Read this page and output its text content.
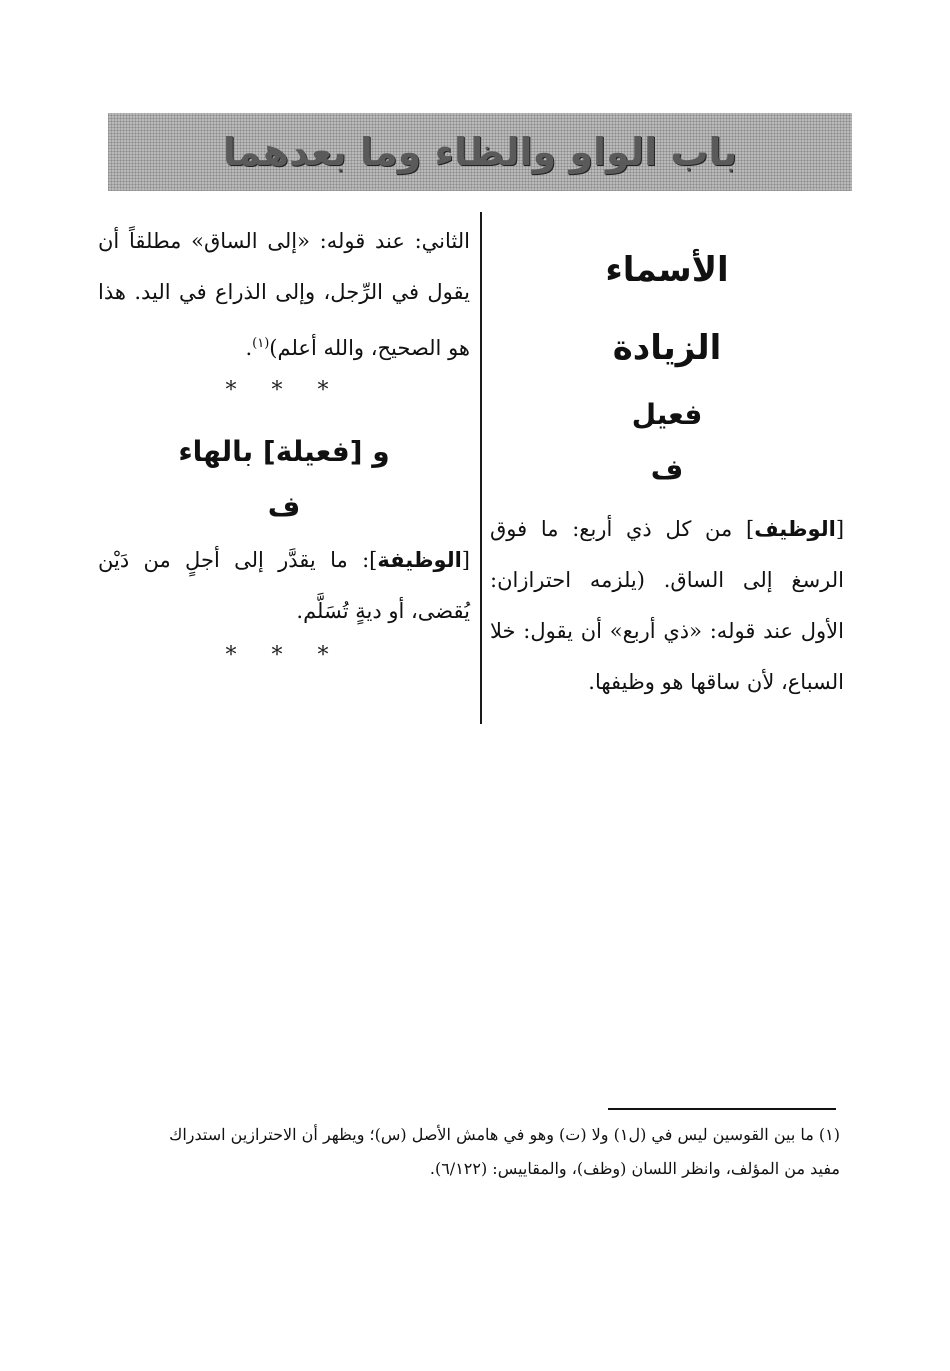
باب الواو والظاء وما بعدهما
الأسماء
الزيادة
فعيل
ف
[الوظيف] من كل ذي أربع: ما فوق الرسغ إلى الساق. (يلزمه احترازان: الأول عند قوله: «ذي أربع» أن يقول: خلا السباع، لأن ساقها هو وظيفها.
الثاني: عند قوله: «إلى الساق» مطلقاً أن يقول في الرِّجل، وإلى الذراع في اليد. هذا هو الصحيح، والله أعلم)$^{(١)}$.
* * *
و [فعيلة] بالهاء
ف
[الوظيفة]: ما يقدَّر إلى أجلٍ من دَيْن يُقضى، أو ديةٍ تُسَلَّم.
* * *
(١) ما بين القوسين ليس في (ل١) ولا (ت) وهو في هامش الأصل (س)؛ ويظهر أن الاحترازين استدراك
مفيد من المؤلف، وانظر اللسان (وظف)، والمقاييس: (٦/١٢٢).
